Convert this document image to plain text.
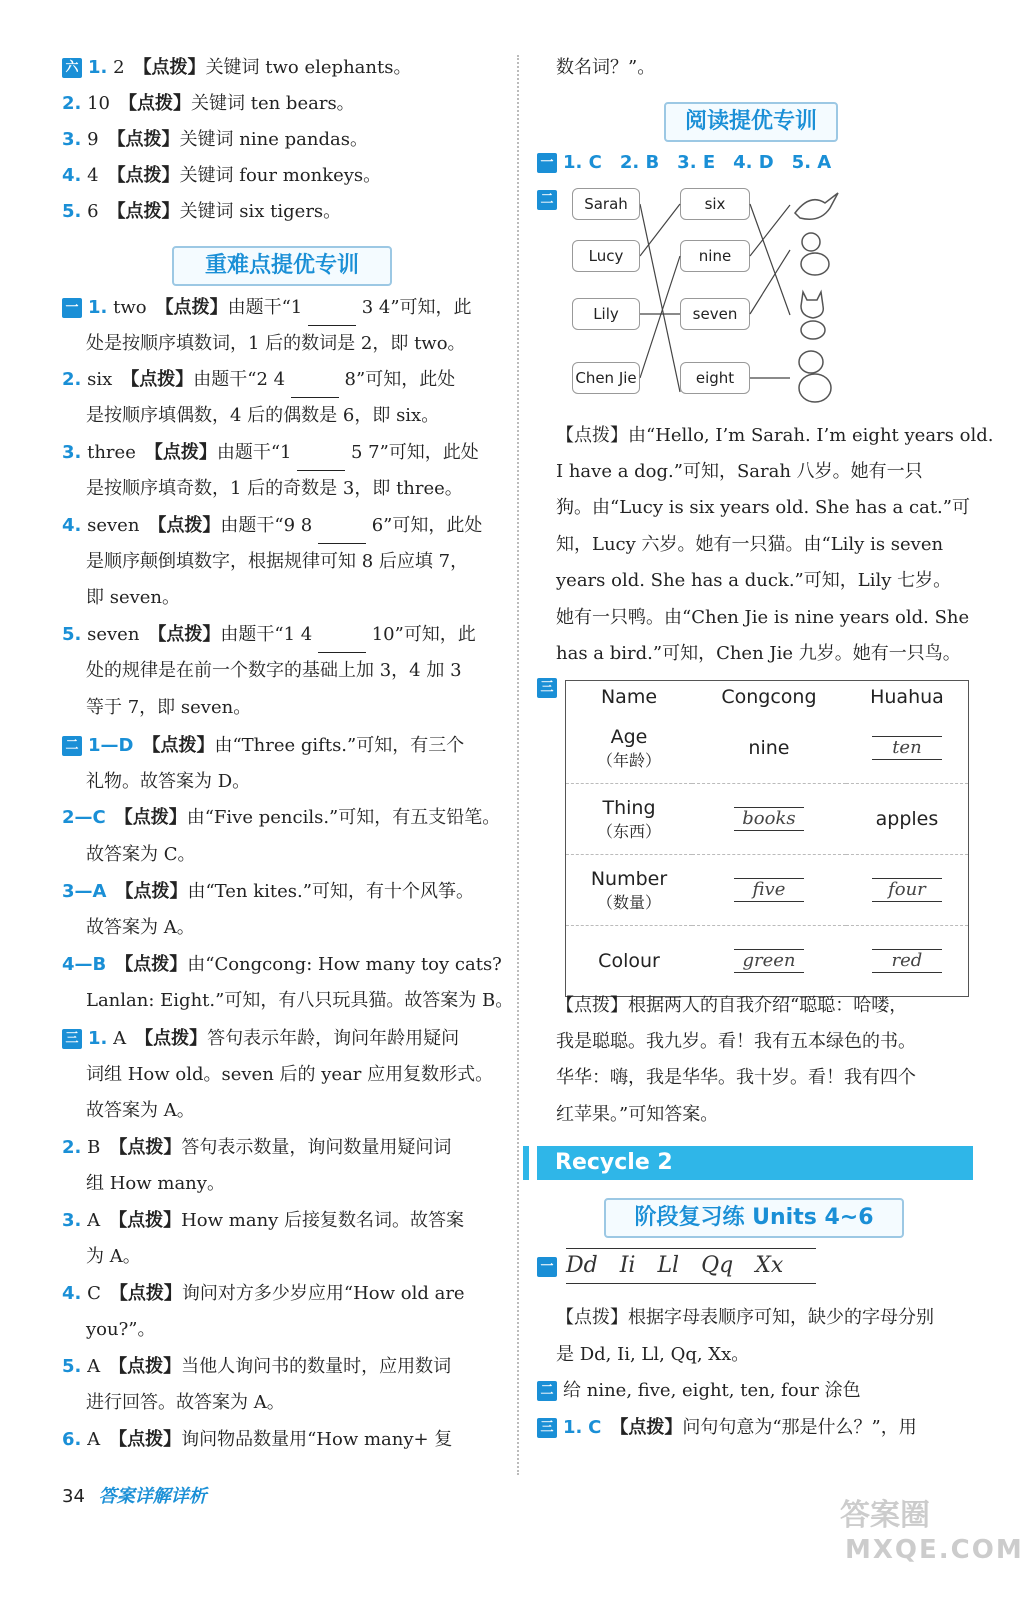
六 1. 2　 【点拨】关键词 two elephants。
2. 10　 【点拨】关键词 ten bears。
3. 9　 【点拨】关键词 nine pandas。
4. 4　 【点拨】关键词 four monkeys。
5. 6　 【点拨】关键词 six tigers。
重难点提优专训
一 1. two　 【点拨】由题干“1	3 4”可知，此
处是按顺序填数词，1 后的数词是 2，即 two。
2. six　 【点拨】由题干“2 4	8”可知，此处
是按顺序填偶数，4 后的偶数是 6，即 six。
3. three　 【点拨】由题干“1	5 7”可知，此处
是按顺序填奇数，1 后的奇数是 3，即 three。
4. seven　 【点拨】由题干“9 8	6”可知，此处
是顺序颠倒填数字，根据规律可知 8 后应填 7，
即 seven。
5. seven　 【点拨】由题干“1 4	10”可知，此
处的规律是在前一个数字的基础上加 3，4 加 3
等于 7，即 seven。
二 1—D　 【点拨】由“Three gifts.”可知，有三个
礼物。故答案为 D。
2—C　 【点拨】由“Five pencils.”可知，有五支铅笔。
故答案为 C。
3—A　 【点拨】由“Ten kites.”可知，有十个风筝。
故答案为 A。
4—B　 【点拨】由“Congcong: How many toy cats?
Lanlan: Eight.”可知，有八只玩具猫。故答案为 B。
三 1. A　 【点拨】答句表示年龄，询问年龄用疑问
词组 How old。seven 后的 year 应用复数形式。
故答案为 A。
2. B　 【点拨】答句表示数量，询问数量用疑问词
组 How many。
3. A　 【点拨】How many 后接复数名词。故答案
为 A。
4. C　 【点拨】询问对方多少岁应用“How old are
you?”。
5. A　 【点拨】当他人询问书的数量时，应用数词
进行回答。故答案为 A。
6. A　 【点拨】询问物品数量用“How many+ 复
数名词？”。
阅读提优专训
一 1. C　2. B　3. E　4. D　5. A
二	Sarah
Lucy
Lily
Chen Jie
six
nine
seven
eight
【点拨】由“Hello, I’m Sarah. I’m eight years old.
I have a dog.”可知，Sarah 八岁。她有一只
狗。由“Lucy is six years old. She has a cat.”可
知，Lucy 六岁。她有一只猫。由“Lily is seven
years old. She has a duck.”可知，Lily 七岁。
她有一只鸭。由“Chen Jie is nine years old. She
has a bird.”可知，Chen Jie 九岁。她有一只鸟。
三 Name	Congcong	Huahua

Age
（年龄）	nine	ten

Thing
（东西）	books	apples

Number
（数量）	five	four
Colour	green	red
【点拨】根据两人的自我介绍“聪聪：哈喽，
我是聪聪。我九岁。看！我有五本绿色的书。
华华：嗨，我是华华。我十岁。看！我有四个
红苹果。”可知答案。
Recycle 2
阶段复习练 Units 4~6
一 Dd　Ii　Ll　Qq　Xx
【点拨】根据字母表顺序可知，缺少的字母分别
是 Dd, Ii, Ll, Qq, Xx。
二 给 nine, five, eight, ten, four 涂色
三 1. C　 【点拨】问句句意为“那是什么？”，用
34 答案详解详析
答案圈
MXQE.COM
